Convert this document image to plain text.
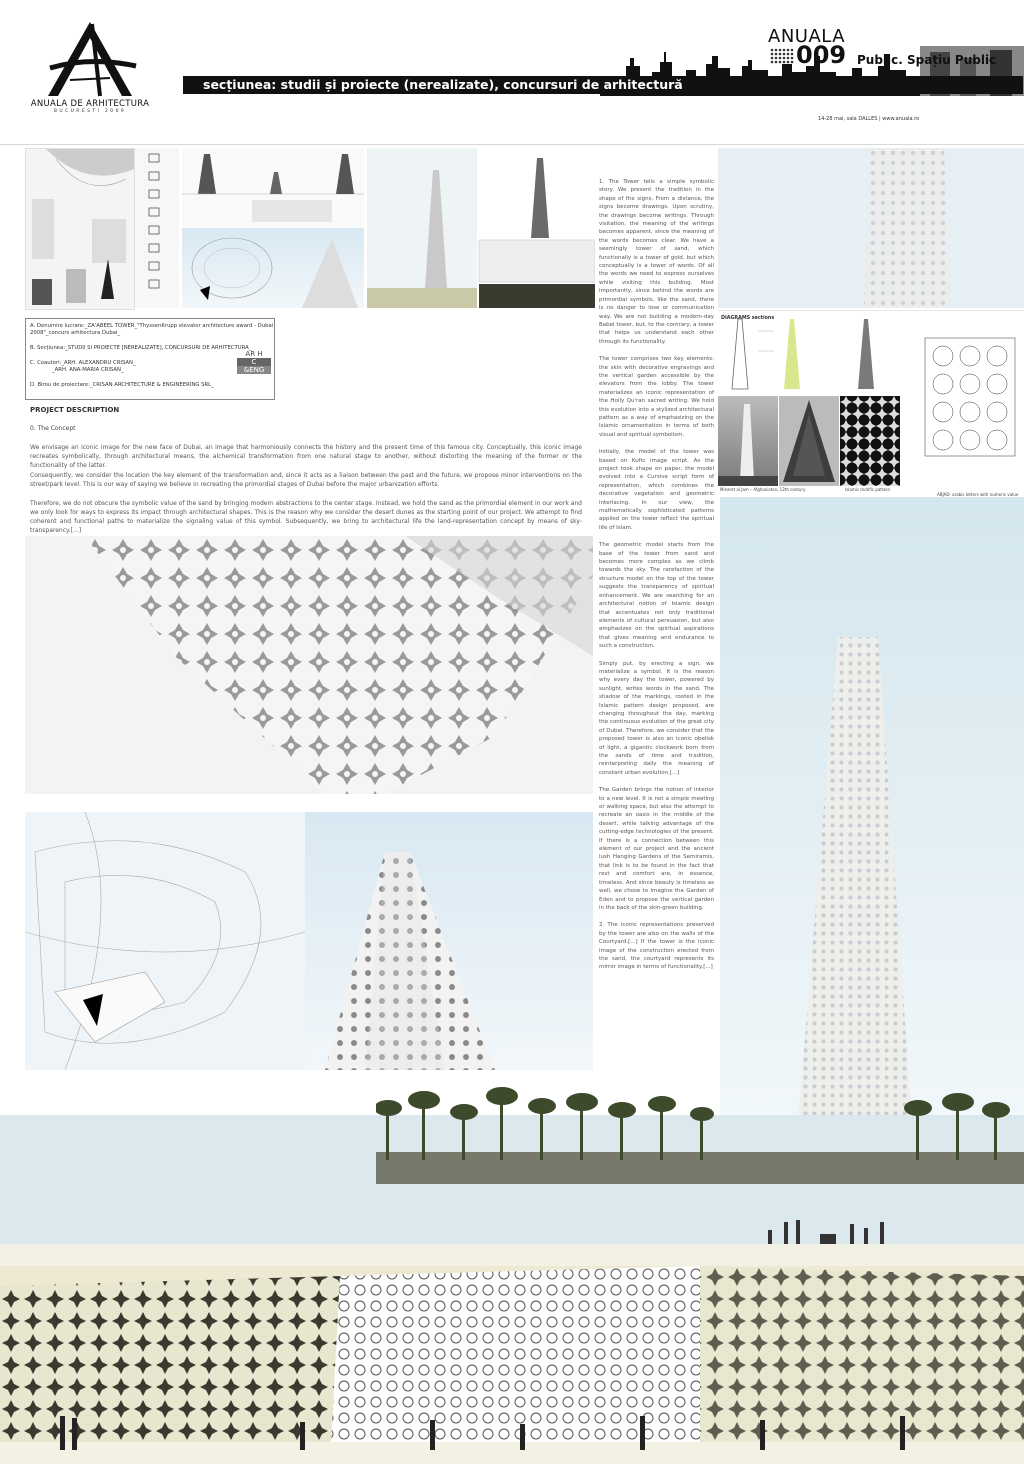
ANUALA DE ARHITECTURA
BUCURESTI 2009
secțiunea: studii și proiecte (nerealizate), concursuri de arhitectură
ANUALA
009 Public. Spațiu Public
14-28 mai, sala DALLES | www.anuala.ro
A. Denumire lucrare:_ZA'ABEEL TOWER_"ThyssenKrupp elevator architecture award - Dubai
2008"_concurs arhitectura Dubai_
B. Secțiunea:_STUDII SI PROIECTE [NEREALIZATE], CONCURSURI DE ARHITECTURA_
C. Coautori:_ARH. ALEXANDRU CRISAN_
_ARH. ANA-MARIA CRISAN_
D. Birou de proiectare:_CRISAN ARCHITECTURE & ENGINEERING SRL_
AR H
C
&ENG
PROJECT DESCRIPTION
0. The Concept
We envisage an iconic image for the new face of Dubai, an image that harmoniously connects the history and the present time of this famous city. Conceptually, this iconic image recreates symbolically, through architectural means, the alchemical transformation from one natural stage to another, without distorting the meaning of the former or the functionality of the latter.
Consequently, we consider the location the key element of the transformation and, since it acts as a liaison between the past and the future, we propose minor interventions on the street/park level. This is our way of saying we believe in recreating the primordial stages of Dubai before the major urbanization efforts.
Therefore, we do not obscure the symbolic value of the sand by bringing modern abstractions to the center stage. Instead, we hold the sand as the primordial element in our work and we only look for ways to express its impact through architectural shapes. This is the reason why we consider the desert dunes as the starting point of our project. We attempt to find coherent and functional paths to materialize the signaling value of this symbol. Subsequently, we bring to architectural life the land-representation concept by means of sky-transparency.[...]

1. The Tower tells a simple symbolic story. We present the tradition in the shape of the signs. From a distance, the signs become drawings. Upon scrutiny, the drawings become writings. Through visitation, the meaning of the writings becomes apparent, since the meaning of the words becomes clear. We have a seemingly tower of sand, which functionally is a tower of gold, but which conceptually is a tower of words. Of all the words we need to express ourselves while visiting this building. Most importantly, since behind the words are primordial symbols, like the sand, there is no danger to lose or communication way. We are not building a modern-day Babel tower, but, to the contrary, a tower that helps us understand each other through its functionality.

The tower comprises two key elements: the skin with decorative engravings and the vertical garden accessible by the elevators from the lobby. The tower materializes an iconic representation of the Holly Qu'ran sacred writing. We hold this evolution into a stylized architectural pattern as a way of emphasizing on the Islamic ornamentation in terms of both visual and spiritual symbolism.

Initially, the model of the tower was based on Kufic image script. As the project took shape on paper, the model evolved into a Cursive script form of representation, which combines the decorative vegetation and geometric interlacing. In our view, the mathematically sophisticated patterns applied on the tower reflect the spiritual life of Islam.

The geometric model starts from the base of the tower from sand and becomes more complex as we climb towards the sky. The rarefaction of the structure model on the top of the tower suggests the transparency of spiritual enhancement. We are searching for an architectural notion of Islamic design that accentuates not only traditional elements of cultural persuasion, but also emphasizes on the spiritual aspirations that gives meaning and endurance to such a construction.

Simply put, by erecting a sign, we materialize a symbol. It is the reason why every day the tower, powered by sunlight, writes words in the sand. The shadow of the markings, rooted in the Islamic pattern design proposed, are changing throughout the day, marking the continuous evolution of the great city of Dubai. Therefore, we consider that the proposed tower is also an iconic obelisk of light, a gigantic clockwork born from the sands of time and tradition, reinterpreting daily the meaning of constant urban evolution.[...]

The Garden brings the notion of interior to a new level. It is not a simple meeting or walking space, but also the attempt to recreate an oasis in the middle of the desert, while talking advantage of the cutting-edge technologies of the present. If there is a connection between this element of our project and the ancient lush Hanging Gardens of the Semiramis, that link is to be found in the fact that rest and comfort are, in essence, timeless. And since beauty is timeless as well, we chose to imagine the Garden of Eden and to propose the vertical garden in the back of the skin-green building.

2. The iconic representations preserved by the tower are also on the walls of the Courtyard.[...] If the tower is the iconic image of the construction erected from the sand, the courtyard represents its mirror image in terms of functionality.[...]

DIAGRAMS sections
Minaret al Jam – Afghanistan, 12th century	Islamic motific pattern
ABJAD- arabic letters with numeric value
